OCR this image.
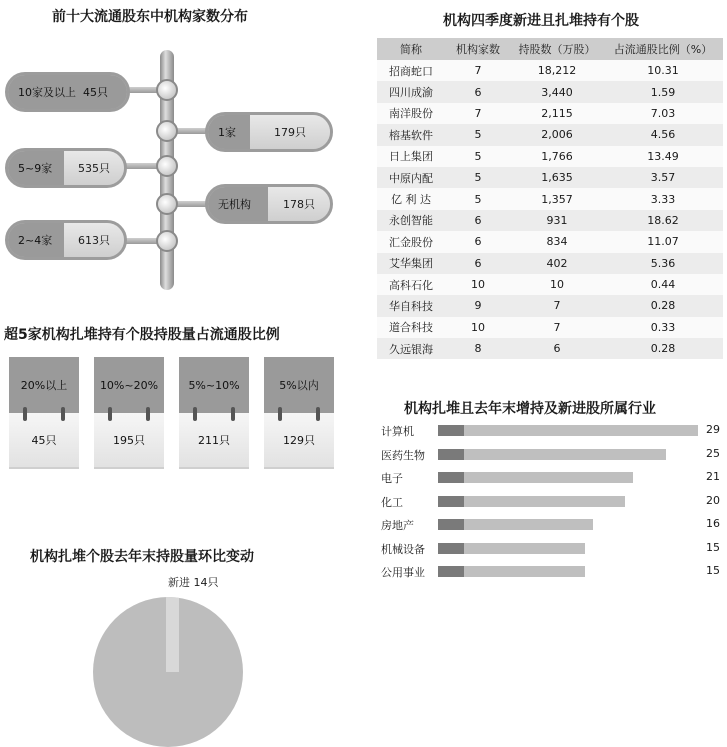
前十大流通股东中机构家数分布
10家及以上
45只
5~9家	535只
2~4家	613只
1家	179只
无机构	178只
机构四季度新进且扎堆持有个股
简称	机构家数	持股数（万股）	占流通股比例（%）
招商蛇口	7	18,212	10.31
四川成渝	6	3,440	1.59
南洋股份	7	2,115	7.03
榕基软件	5	2,006	4.56
日上集团	5	1,766	13.49
中原内配	5	1,635	3.57
亿 利 达	5	1,357	3.33
永创智能	6	931	18.62
汇金股份	6	834	11.07
艾华集团	6	402	5.36
高科石化	10	10	0.44
华自科技	9	7	0.28
道合科技	10	7	0.33
久远银海	8	6	0.28
超5家机构扎堆持有个股持股量占流通股比例
20%以上
45只
10%~20%
195只
5%~10%
211只
5%以内
129只
机构扎堆且去年末增持及新进股所属行业
计算机	29
医药生物	25
电子	21
化工	20
房地产	16
机械设备	15
公用事业	15
机构扎堆个股去年末持股量环比变动
新进 14只
